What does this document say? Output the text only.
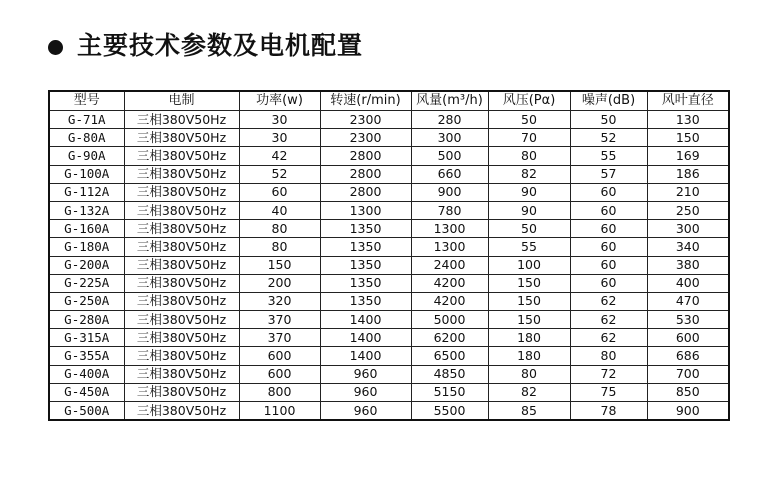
主要技术参数及电机配置
型号	电制	功率(w)	转速(r/min)	风量(m³/h)	风压(Pα)	噪声(dB)	风叶直径
G-71A	三相380V50Hz	30	2300	280	50	50	130
G-80A	三相380V50Hz	30	2300	300	70	52	150
G-90A	三相380V50Hz	42	2800	500	80	55	169
G-100A	三相380V50Hz	52	2800	660	82	57	186
G-112A	三相380V50Hz	60	2800	900	90	60	210
G-132A	三相380V50Hz	40	1300	780	90	60	250
G-160A	三相380V50Hz	80	1350	1300	50	60	300
G-180A	三相380V50Hz	80	1350	1300	55	60	340
G-200A	三相380V50Hz	150	1350	2400	100	60	380
G-225A	三相380V50Hz	200	1350	4200	150	60	400
G-250A	三相380V50Hz	320	1350	4200	150	62	470
G-280A	三相380V50Hz	370	1400	5000	150	62	530
G-315A	三相380V50Hz	370	1400	6200	180	62	600
G-355A	三相380V50Hz	600	1400	6500	180	80	686
G-400A	三相380V50Hz	600	960	4850	80	72	700
G-450A	三相380V50Hz	800	960	5150	82	75	850
G-500A	三相380V50Hz	1100	960	5500	85	78	900
